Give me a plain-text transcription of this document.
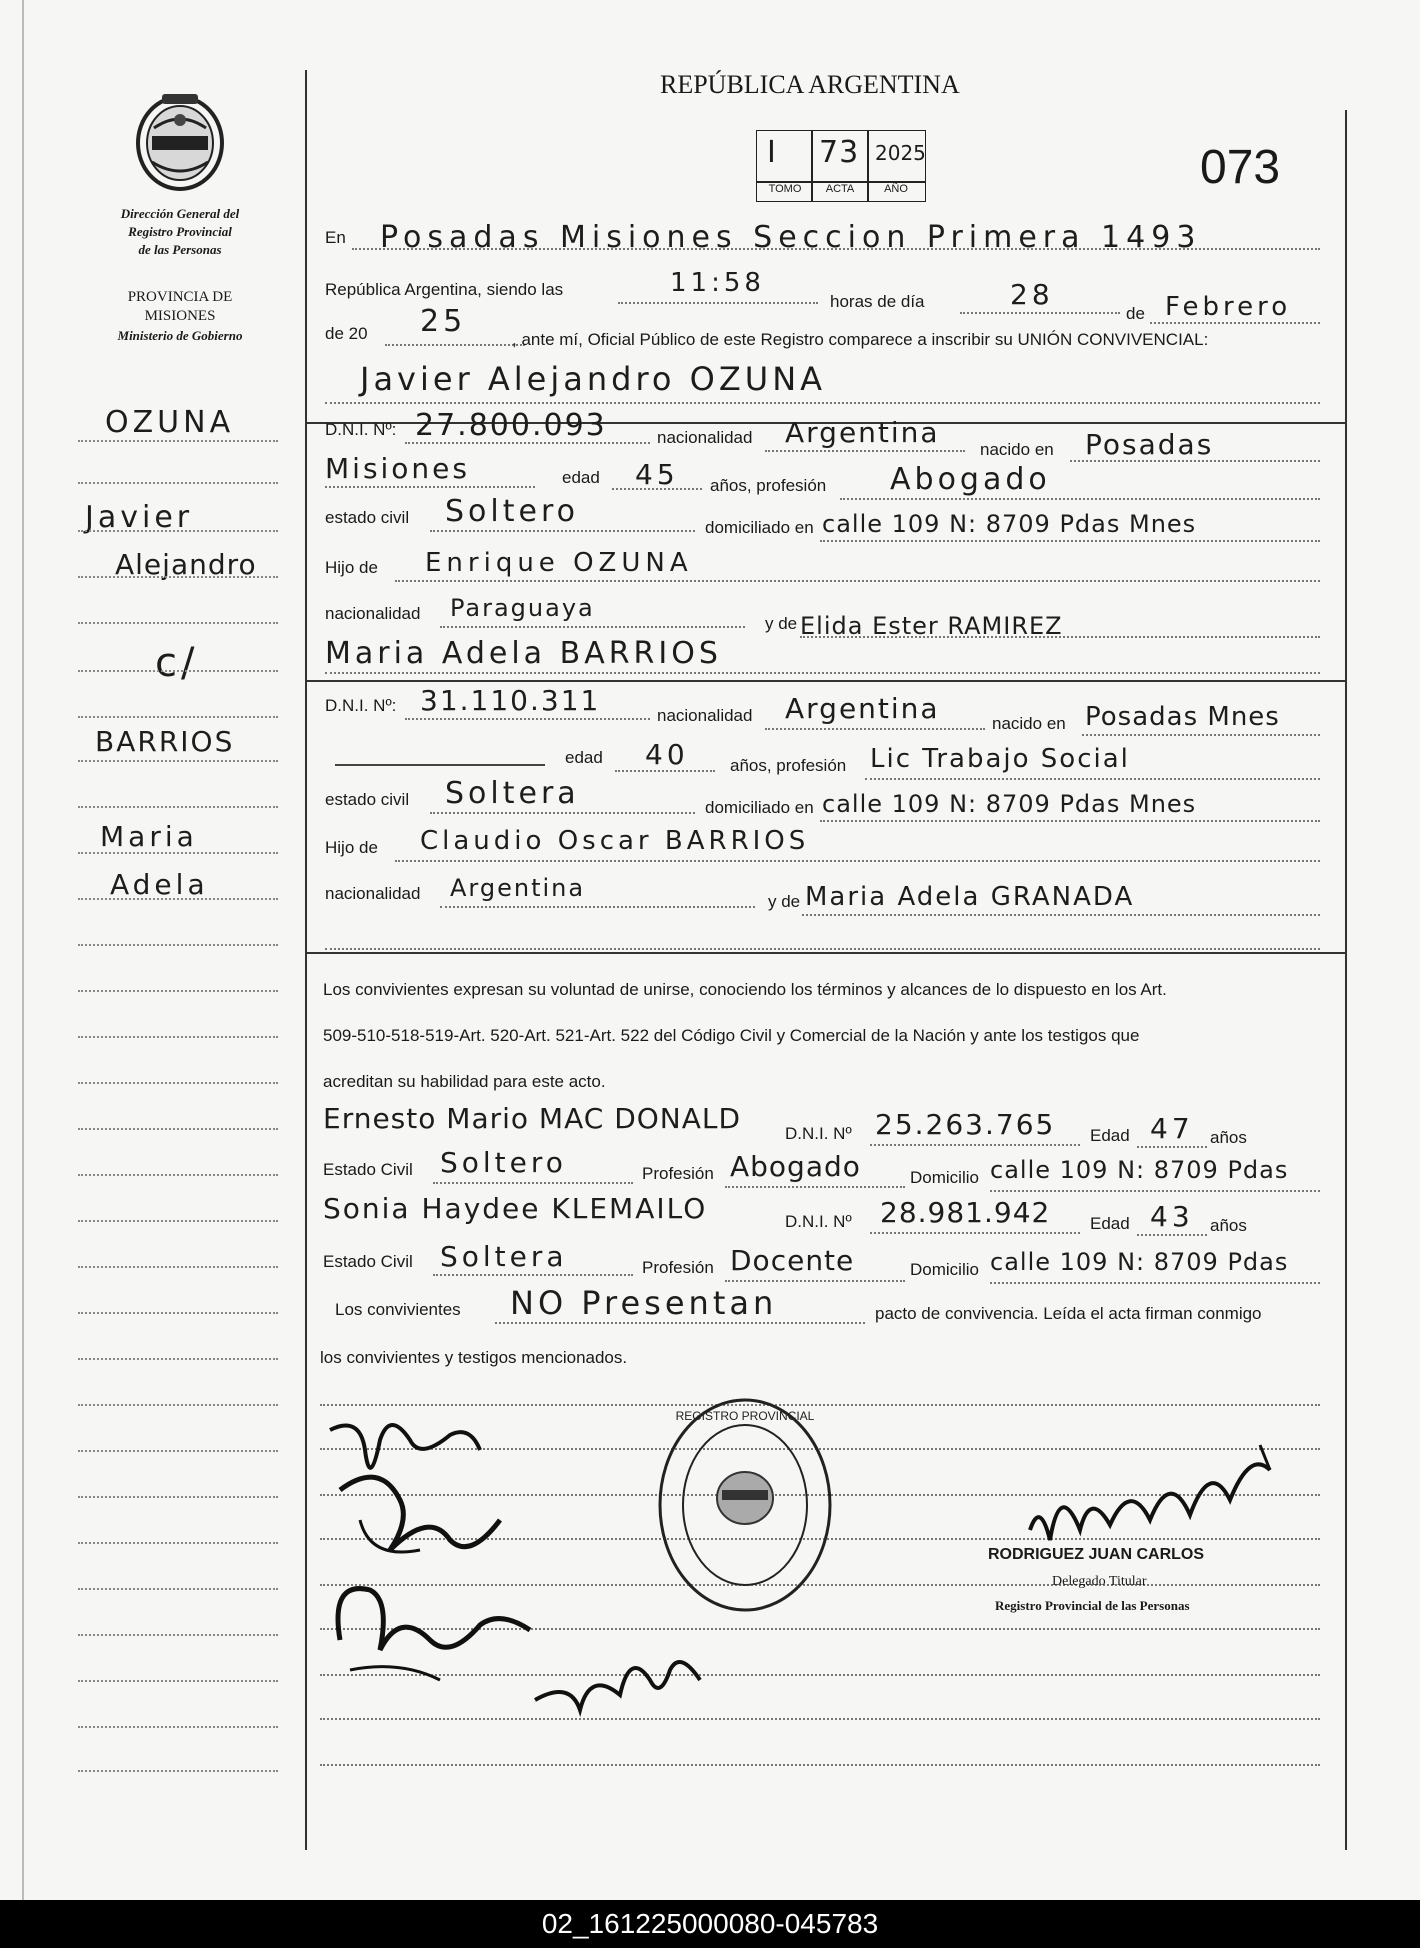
Dirección General del
Registro Provincial
de las Personas
PROVINCIA DE
MISIONES
Ministerio de Gobierno
OZUNA
Javier
Alejandro
c/
BARRIOS
Maria
Adela
REPÚBLICA ARGENTINA
073
I 73 2025
TOMO	ACTA	AÑO
En Posadas Misiones Seccion Primera 1493
República Argentina, siendo las	11:58
horas de día	28
de Febrero
de 20 25
, ante mí, Oficial Público de este Registro comparece a inscribir su UNIÓN CONVIVENCIAL:
Javier Alejandro OZUNA
D.N.I. Nº: 27.800.093	nacionalidad Argentina
nacido en Posadas
Misiones	edad 45 años, profesión Abogado
estado civil Soltero	domiciliado en calle 109 N: 8709 Pdas Mnes
Hijo de Enrique OZUNA
nacionalidad Paraguaya
y de Elida Ester RAMIREZ
Maria Adela BARRIOS
D.N.I. Nº: 31.110.311	nacionalidad Argentina	nacido en Posadas Mnes
edad 40 años, profesión Lic Trabajo Social
estado civil Soltera	domiciliado en calle 109 N: 8709 Pdas Mnes
Hijo de Claudio Oscar BARRIOS
nacionalidad Argentina	y de Maria Adela GRANADA
Los convivientes expresan su voluntad de unirse, conociendo los términos y alcances de lo dispuesto en los Art.
509-510-518-519-Art. 520-Art. 521-Art. 522 del Código Civil y Comercial de la Nación y ante los testigos que
acreditan su habilidad para este acto.
Ernesto Mario MAC DONALD	D.N.I. Nº 25.263.765 Edad 47 años
Estado Civil Soltero	Profesión Abogado	Domicilio calle 109 N: 8709 Pdas
Sonia Haydee KLEMAILO	D.N.I. Nº 28.981.942 Edad 43 años
Estado Civil Soltera	Profesión Docente	Domicilio calle 109 N: 8709 Pdas
Los convivientes NO Presentan	pacto de convivencia. Leída el acta firman conmigo
los convivientes y testigos mencionados.
REGISTRO PROVINCIAL
RODRIGUEZ JUAN CARLOS
Delegado Titular
Registro Provincial de las Personas
02_161225000080-045783
